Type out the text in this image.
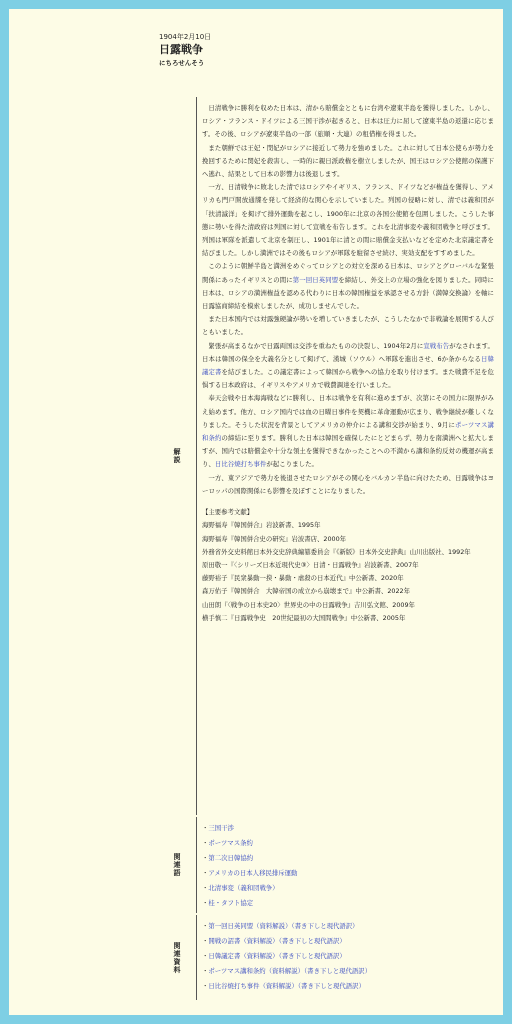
1904年2月10日
日露戦争
にちろせんそう
解説

日清戦争に勝利を収めた日本は、清から賠償金とともに台湾や遼東半島を獲得しました。しかし、ロシア・フランス・ドイツによる三国干渉が起きると、日本は圧力に屈して遼東半島の返還に応じます。その後、ロシアが遼東半島の一部（旅順・大連）の租借権を得ました。

また朝鮮では王妃・閔妃がロシアに接近して勢力を強めました。これに対して日本公使らが勢力を挽回するために閔妃を殺害し、一時的に親日派政権を樹立しましたが、国王はロシア公使館の保護下へ逃れ、結果として日本の影響力は後退します。

一方、日清戦争に敗北した清ではロシアやイギリス、フランス、ドイツなどが権益を獲得し、アメリカも門戸開放通牒を発して経済的な関心を示していました。列国の侵略に対し、清では義和団が「扶清滅洋」を掲げて排外運動を起こし、1900年に北京の各国公使館を包囲しました。こうした事態に勢いを得た清政府は列国に対して宣戦を布告します。これを北清事変や義和団戦争と呼びます。列国は軍隊を派遣して北京を制圧し、1901年に清との間に賠償金支払いなどを定めた北京議定書を結びました。しかし満洲ではその後もロシアが軍隊を駐留させ続け、実効支配をすすめました。

このように朝鮮半島と満洲をめぐってロシアとの対立を深める日本は、ロシアとグローバルな緊張関係にあったイギリスとの間に第一回日英同盟を締結し、外交上の立場の強化を図りました。同時に日本は、ロシアの満洲権益を認める代わりに日本の韓国権益を承認させる方針（満韓交換論）を軸に日露協商締結を模索しましたが、成功しませんでした。

また日本国内では対露強硬論が勢いを増していきましたが、こうしたなかで非戦論を展開する人びともいました。

緊張が高まるなかで日露両国は交渉を重ねたものの決裂し、1904年2月に宣戦布告がなされます。日本は韓国の保全を大義名分として掲げて、漢城（ソウル）へ軍隊を進出させ、6か条からなる日韓議定書を結びました。この議定書によって韓国から戦争への協力を取り付けます。また戦費不足を危惧する日本政府は、イギリスやアメリカで戦費調達を行いました。

奉天会戦や日本海海戦などに勝利し、日本は戦争を有利に進めますが、次第にその国力に限界がみえ始めます。他方、ロシア国内では血の日曜日事件を契機に革命運動が広まり、戦争継続が難しくなりました。そうした状況を背景としてアメリカの仲介による講和交渉が始まり、9月にポーツマス講和条約の締結に至ります。勝利した日本は韓国を確保したにとどまらず、勢力を南満洲へと拡大しますが、国内では賠償金や十分な領土を獲得できなかったことへの不満から講和条約反対の機運が高まり、日比谷焼打ち事件が起こりました。

一方、東アジアで勢力を後退させたロシアがその関心をバルカン半島に向けたため、日露戦争はヨーロッパの国際関係にも影響を及ぼすことになりました。

【主要参考文献】
海野福寿『韓国併合』岩波新書、1995年
海野福寿『韓国併合史の研究』岩波書店、2000年
外務省外交史料館日本外交史辞典編纂委員会『《新版》日本外交史辞典』山川出版社、1992年
原田敬一『〈シリーズ日本近現代史③〉日清・日露戦争』岩波新書、2007年
藤野裕子『民衆暴動一揆・暴動・虐殺の日本近代』中公新書、2020年
森万佑子『韓国併合　大韓帝国の成立から崩壊まで』中公新書、2022年
山田朗『〈戦争の日本史20〉世界史の中の日露戦争』吉川弘文館、2009年
横手慎二『日露戦争史　20世紀最初の大国間戦争』中公新書、2005年
関連語
・三国干渉
・ポーツマス条約
・第二次日韓協約
・アメリカの日本人移民排斥運動
・北清事変（義和団戦争）
・桂・タフト協定
関連資料
・第一回日英同盟（資料解説）（書き下しと現代語訳）
・開戦の詔書（資料解説）（書き下しと現代語訳）
・日韓議定書（資料解説）（書き下しと現代語訳）
・ポーツマス講和条約（資料解説）（書き下しと現代語訳）
・日比谷焼打ち事件（資料解説）（書き下しと現代語訳）
